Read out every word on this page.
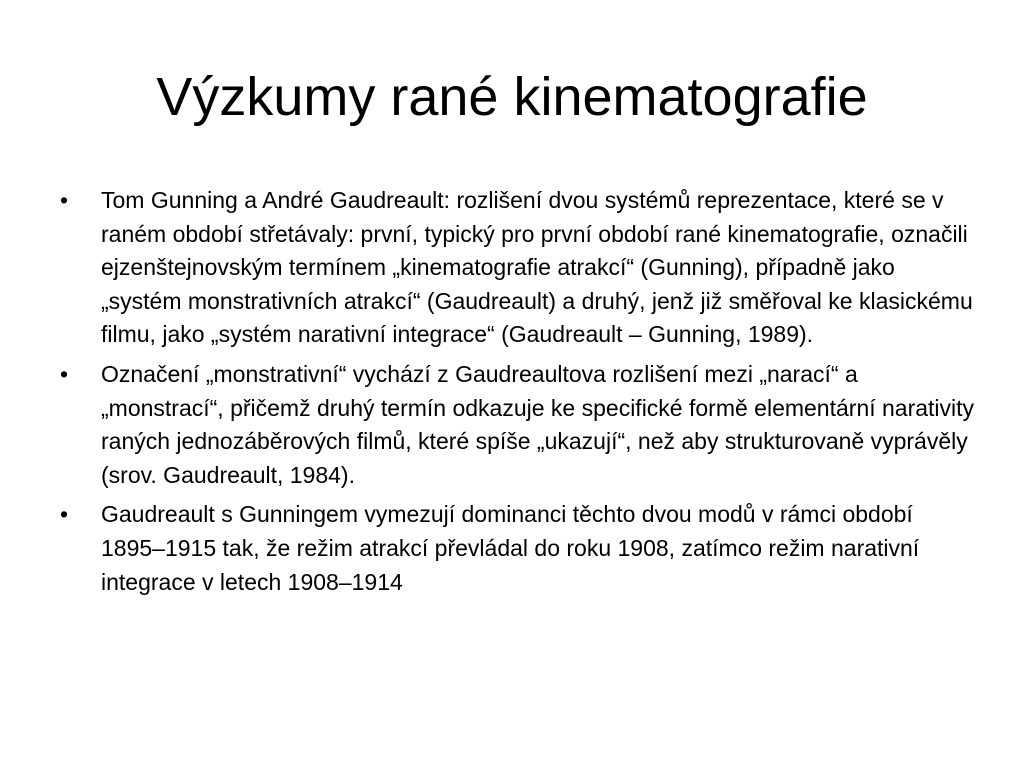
Výzkumy rané kinematografie
• Tom Gunning a André Gaudreault: rozlišení dvou systémů reprezentace, které se v raném období střetávaly: první, typický pro první období rané kinematografie, označili ejzenštejnovským termínem „kinematografie atrakcí“ (Gunning), případně jako „systém monstrativních atrakcí“ (Gaudreault) a druhý, jenž již směřoval ke klasickému filmu, jako „systém narativní integrace“ (Gaudreault – Gunning, 1989).
• Označení „monstrativní“ vychází z Gaudreaultova rozlišení mezi „narací“ a „monstrací“, přičemž druhý termín odkazuje ke specifické formě elementární narativity raných jednozáběrových filmů, které spíše „ukazují“, než aby strukturovaně vyprávěly (srov. Gaudreault, 1984).
• Gaudreault s Gunningem vymezují dominanci těchto dvou modů v rámci období 1895–1915 tak, že režim atrakcí převládal do roku 1908, zatímco režim narativní integrace v letech 1908–1914
